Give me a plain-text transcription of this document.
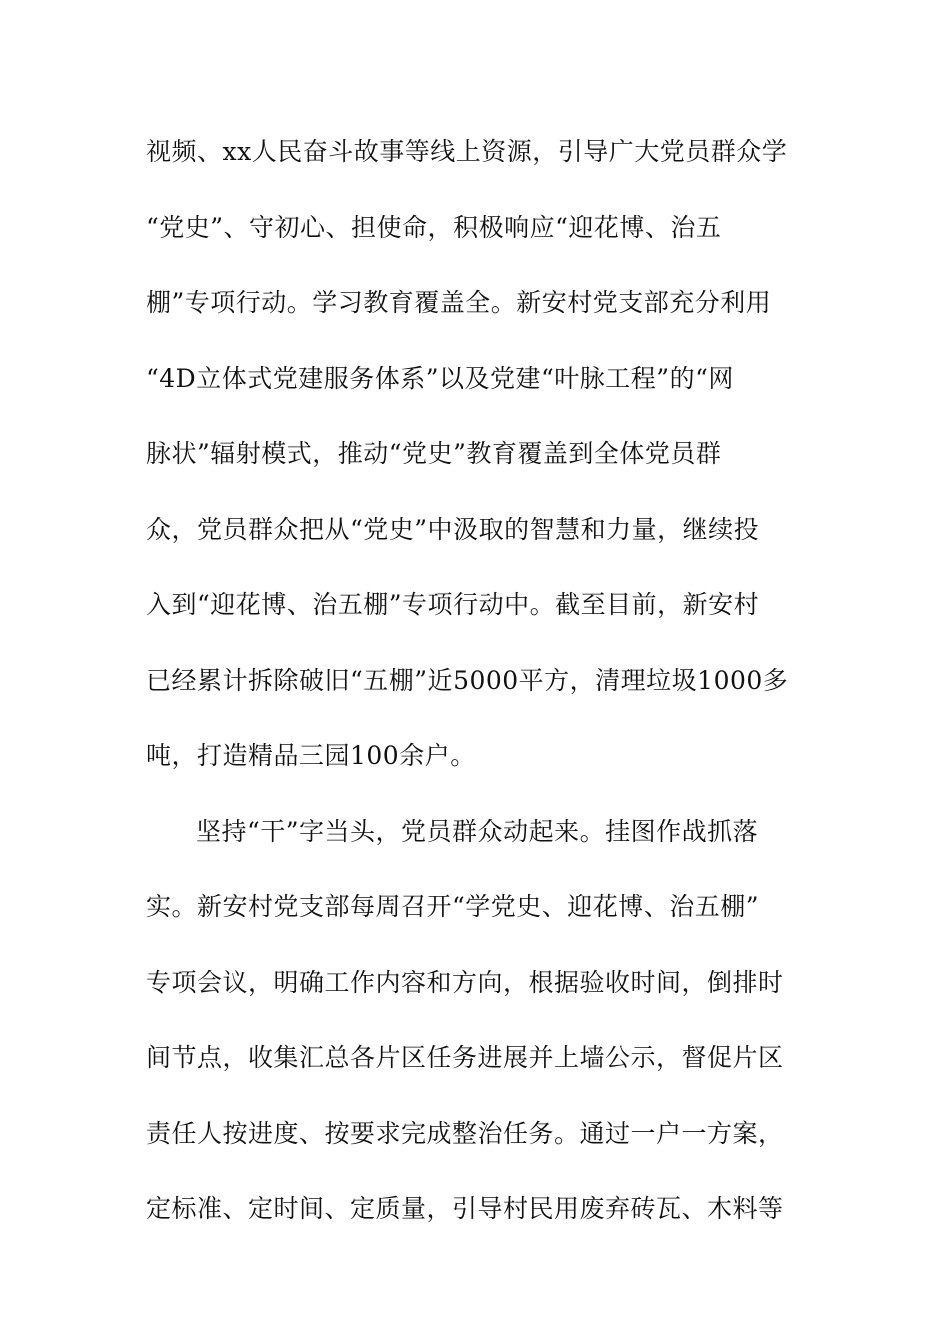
视频、xx人民奋斗故事等线上资源，引导广大党员群众学
“党史”、守初心、担使命，积极响应“迎花博、治五
棚”专项行动。学习教育覆盖全。新安村党支部充分利用
“4D立体式党建服务体系”以及党建“叶脉工程”的“网
脉状”辐射模式，推动“党史”教育覆盖到全体党员群
众，党员群众把从“党史”中汲取的智慧和力量，继续投
入到“迎花博、治五棚”专项行动中。截至目前，新安村
已经累计拆除破旧“五棚”近5000平方，清理垃圾1000多
吨，打造精品三园100余户。
坚持“干”字当头，党员群众动起来。挂图作战抓落
实。新安村党支部每周召开“学党史、迎花博、治五棚”
专项会议，明确工作内容和方向，根据验收时间，倒排时
间节点，收集汇总各片区任务进展并上墙公示，督促片区
责任人按进度、按要求完成整治任务。通过一户一方案，
定标准、定时间、定质量，引导村民用废弃砖瓦、木料等
